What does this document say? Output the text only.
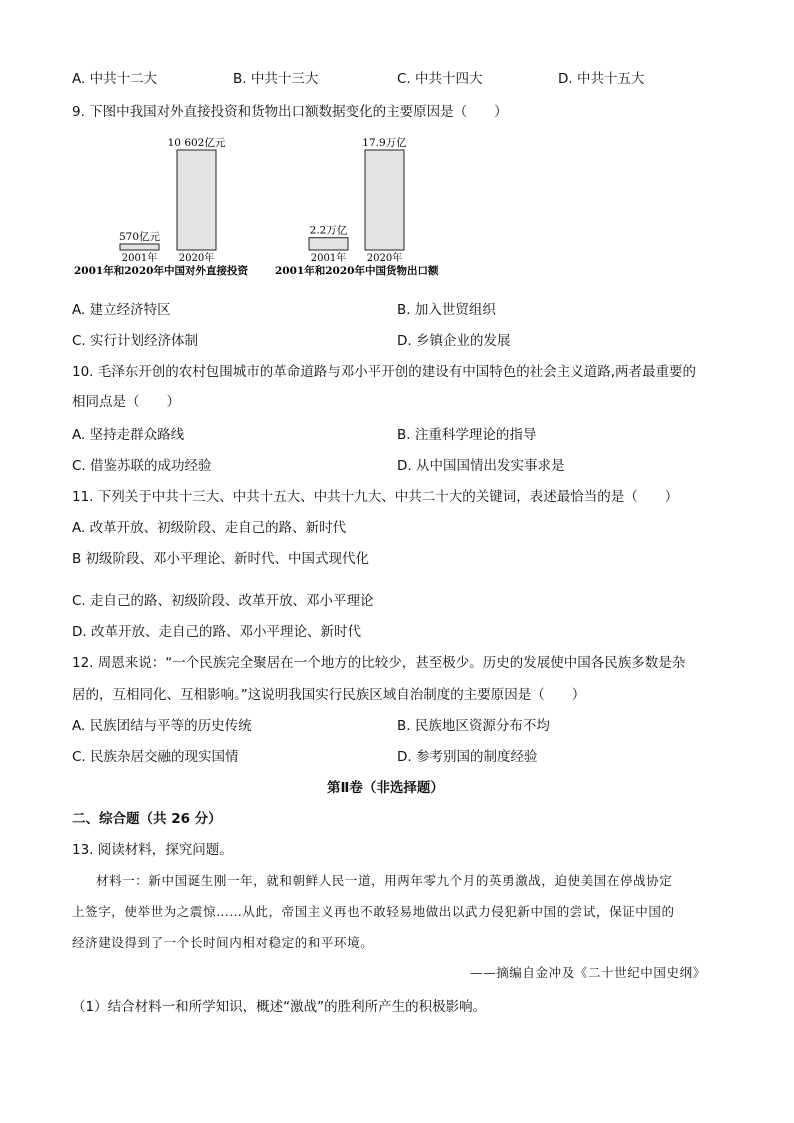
A. 中共十二大	B. 中共十三大	C. 中共十四大	D. 中共十五大
9. 下图中我国对外直接投资和货物出口额数据变化的主要原因是（　　）
570亿元
2001年
10 602亿元
2020年
2.2万亿
2001年
17.9万亿
2020年
2001年和2020年中国对外直接投资	2001年和2020年中国货物出口额
A. 建立经济特区	B. 加入世贸组织
C. 实行计划经济体制	D. 乡镇企业的发展
10. 毛泽东开创的农村包围城市的革命道路与邓小平开创的建设有中国特色的社会主义道路,两者最重要的
相同点是（　　）
A. 坚持走群众路线	B. 注重科学理论的指导
C. 借鉴苏联的成功经验	D. 从中国国情出发实事求是
11. 下列关于中共十三大、中共十五大、中共十九大、中共二十大的关键词，表述最恰当的是（　　）
A. 改革开放、初级阶段、走自己的路、新时代
B 初级阶段、邓小平理论、新时代、中国式现代化
C. 走自己的路、初级阶段、改革开放、邓小平理论
D. 改革开放、走自己的路、邓小平理论、新时代
12. 周恩来说：“一个民族完全聚居在一个地方的比较少，甚至极少。历史的发展使中国各民族多数是杂
居的，互相同化、互相影响。”这说明我国实行民族区域自治制度的主要原因是（　　）
A. 民族团结与平等的历史传统	B. 民族地区资源分布不均
C. 民族杂居交融的现实国情	D. 参考别国的制度经验
第Ⅱ卷（非选择题）
二、综合题（共 26 分）
13. 阅读材料，探究问题。
材料一：新中国诞生刚一年，就和朝鲜人民一道，用两年零九个月的英勇激战，迫使美国在停战协定
上签字，使举世为之震惊……从此，帝国主义再也不敢轻易地做出以武力侵犯新中国的尝试，保证中国的
经济建设得到了一个长时间内相对稳定的和平环境。
——摘编自金冲及《二十世纪中国史纲》
（1）结合材料一和所学知识，概述“激战”的胜利所产生的积极影响。
